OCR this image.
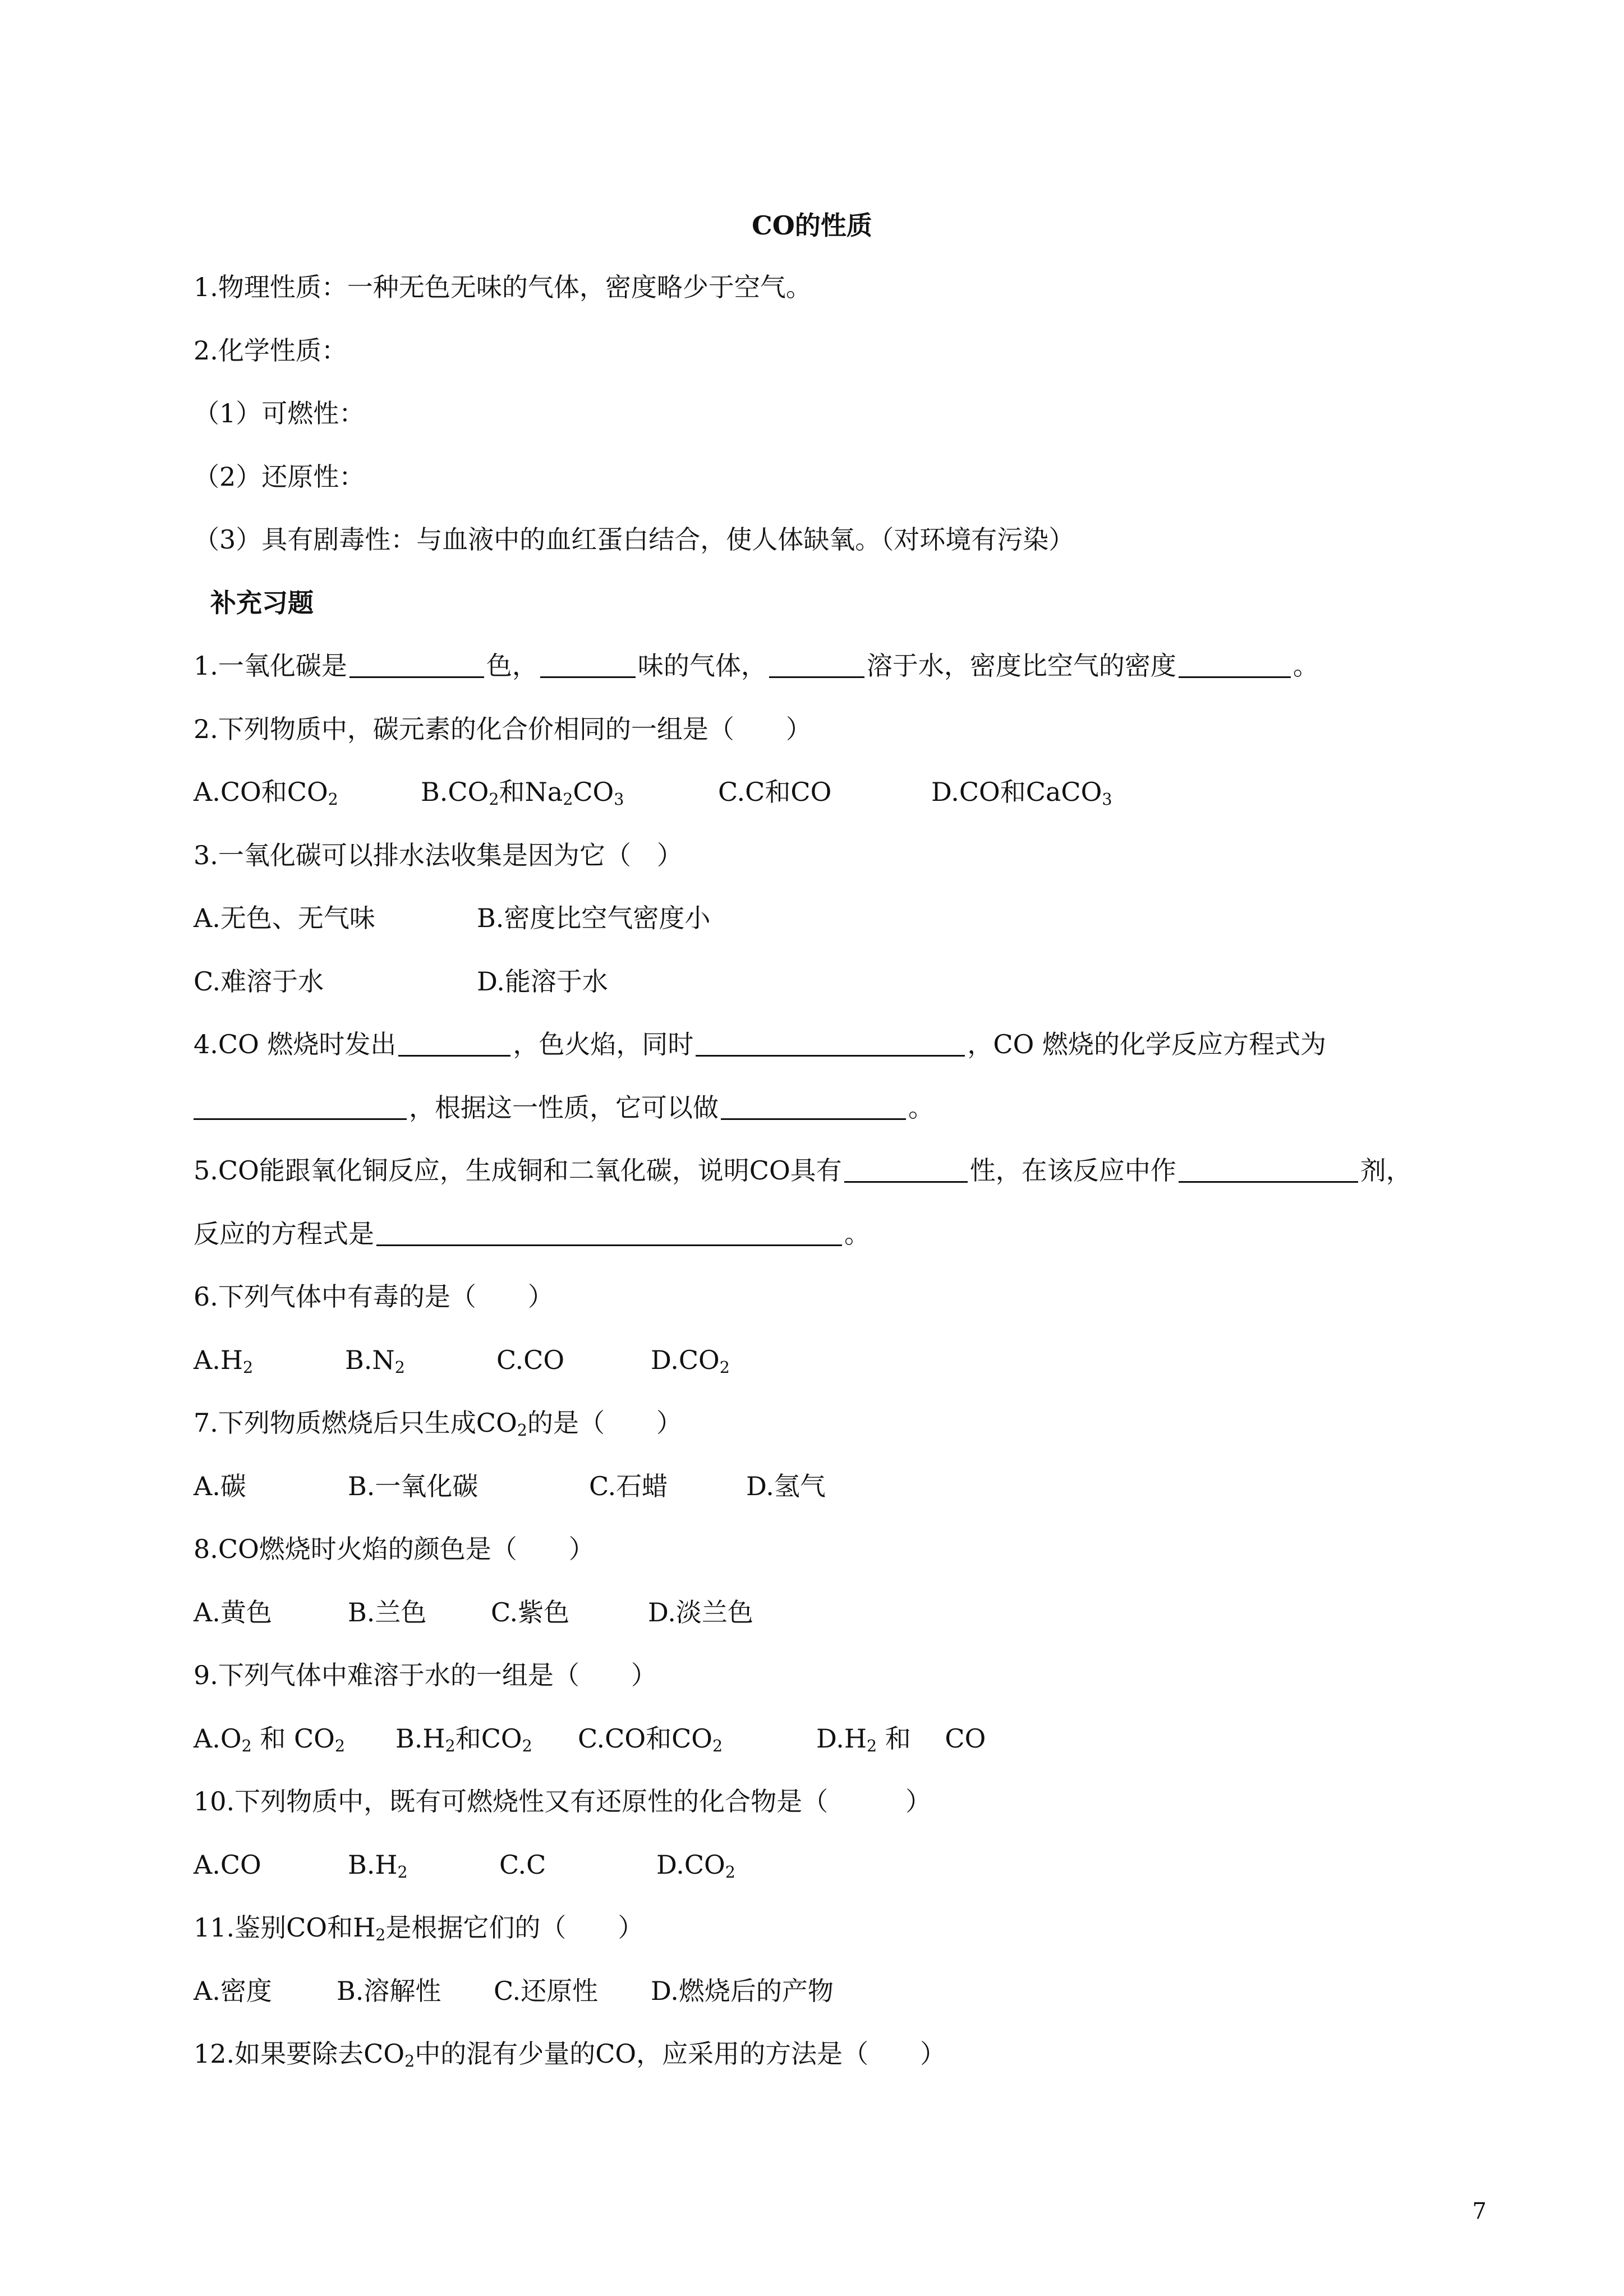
CO的性质
1.物理性质：一种无色无味的气体，密度略少于空气。
2.化学性质：
（1）可燃性：
（2）还原性：
（3）具有剧毒性：与血液中的血红蛋白结合，使人体缺氧。（对环境有污染）
补充习题
1.一氧化碳是	色，	味的气体，	溶于水，密度比空气的密度	。
2.下列物质中，碳元素的化合价相同的一组是（　　）
A.CO和$CO_2$	$B.CO_2$和$Na_2CO_3$	C.C和CO	D.CO和CaCO$_3$
3.一氧化碳可以排水法收集是因为它（　）
A.无色、无气味	B.密度比空气密度小
C.难溶于水	D.能溶于水
4.CO 燃烧时发出	，色火焰，同时	，CO 燃烧的化学反应方程式为
，根据这一性质，它可以做	。
5.CO能跟氧化铜反应，生成铜和二氧化碳，说明CO具有	性，在该反应中作	剂，
反应的方程式是	。
6.下列气体中有毒的是（　　）
$A.H_2$	$B.N_2$	C.CO	$D.CO_2$
7.下列物质燃烧后只生成$CO_2$的是（　　）
A.碳	B.一氧化碳	C.石蜡	D.氢气
8.CO燃烧时火焰的颜色是（　　）
A.黄色	B.兰色 C.紫色	D.淡兰色
9.下列气体中难溶于水的一组是（　　）
$A.O_2$ 和 $CO_2$ $B.H_2$和$CO_2$ C.CO和$CO_2$	$D.H_2$ 和　 CO
10.下列物质中，既有可燃烧性又有还原性的化合物是（　　　）
A.CO	$B.H_2$	C.C	$D.CO_2$
11.鉴别CO和$H_2$是根据它们的（　　）
A.密度	B.溶解性 C.还原性 D.燃烧后的产物
12.如果要除去$CO_2$中的混有少量的CO，应采用的方法是（　　）
7
